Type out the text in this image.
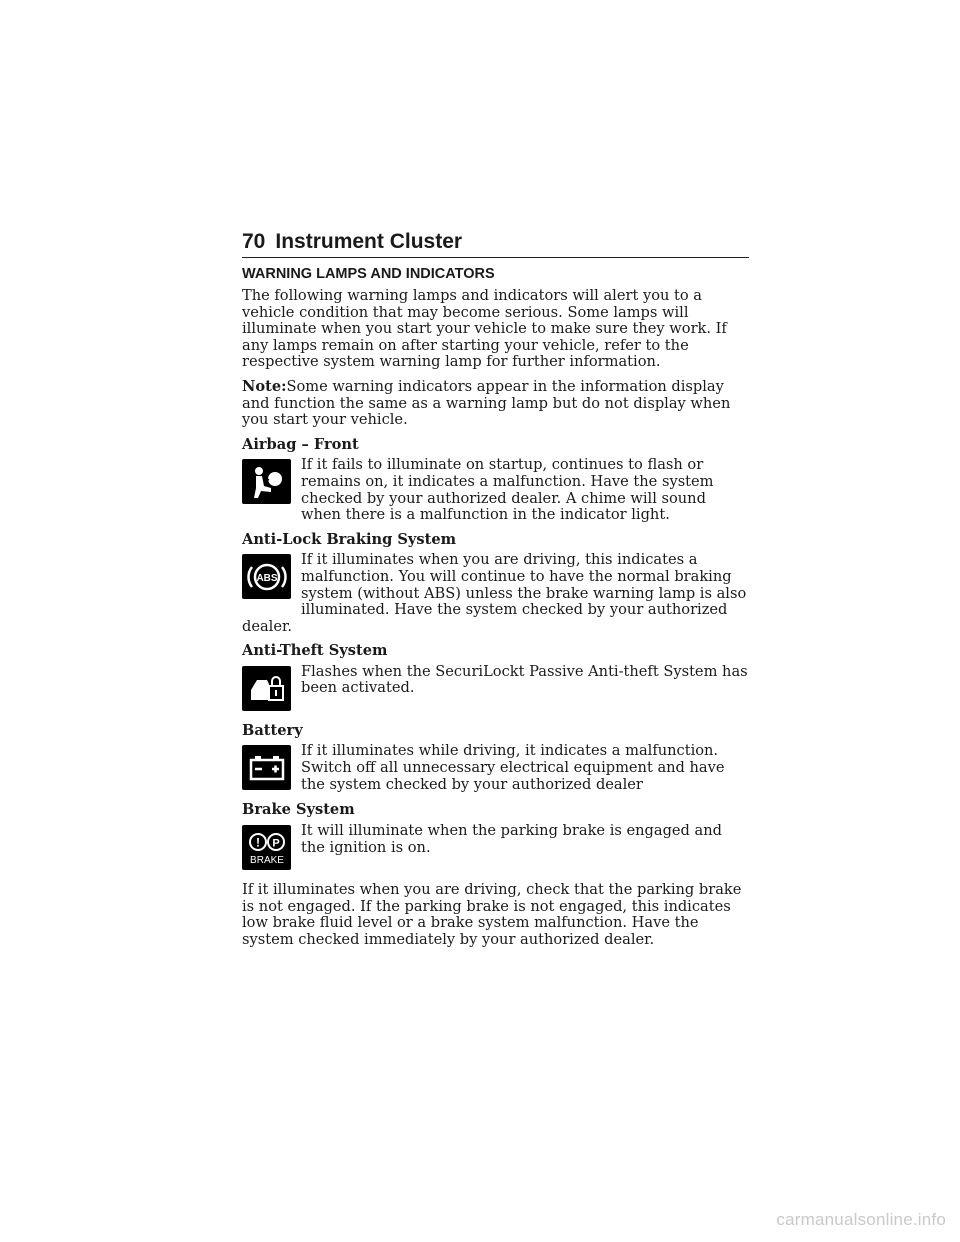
70 Instrument Cluster
WARNING LAMPS AND INDICATORS

The following warning lamps and indicators will alert you to a vehicle condition that may become serious. Some lamps will illuminate when you start your vehicle to make sure they work. If any lamps remain on after starting your vehicle, refer to the respective system warning lamp for further information.

Note:Some warning indicators appear in the information display and function the same as a warning lamp but do not display when you start your vehicle.

Airbag – Front
If it fails to illuminate on startup, continues to flash or remains on, it indicates a malfunction. Have the system checked by your authorized dealer. A chime will sound when there is a malfunction in the indicator light.
Anti-Lock Braking System
ABS
If it illuminates when you are driving, this indicates a malfunction. You will continue to have the normal braking system (without ABS) unless the brake warning lamp is also illuminated. Have the system checked by your authorized dealer.
Anti-Theft System
Flashes when the SecuriLockt Passive Anti-theft System has been activated.
Battery
If it illuminates while driving, it indicates a malfunction. Switch off all unnecessary electrical equipment and have the system checked by your authorized dealer
Brake System
! P
BRAKE
It will illuminate when the parking brake is engaged and the ignition is on.

If it illuminates when you are driving, check that the parking brake is not engaged. If the parking brake is not engaged, this indicates low brake fluid level or a brake system malfunction. Have the system checked immediately by your authorized dealer.

carmanualsonline.info
